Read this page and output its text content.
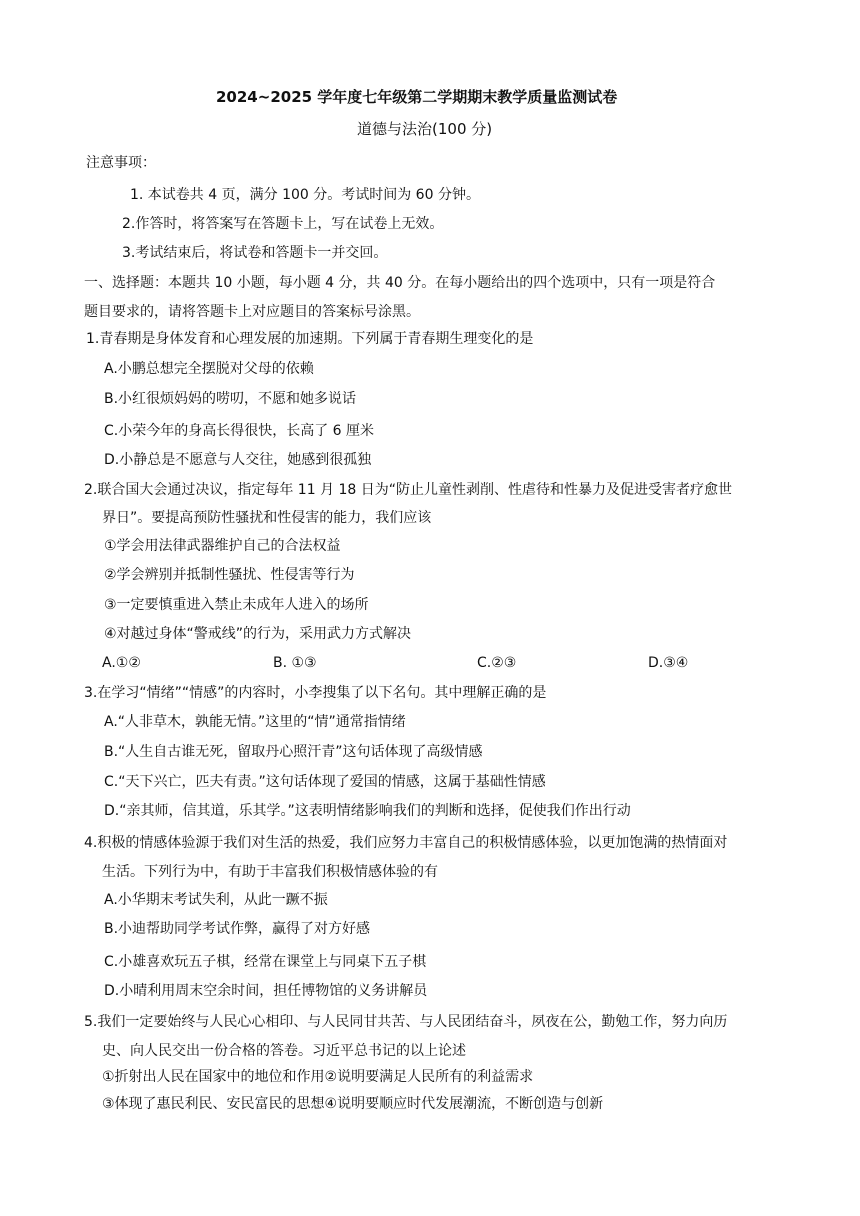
2024~2025 学年度七年级第二学期期末教学质量监测试卷
道德与法治(100 分)
注意事项：
1. 本试卷共 4 页，满分 100 分。考试时间为 60 分钟。
2.作答时，将答案写在答题卡上，写在试卷上无效。
3.考试结束后，将试卷和答题卡一并交回。
一、选择题：本题共 10 小题，每小题 4 分，共 40 分。在每小题给出的四个选项中，只有一项是符合
题目要求的，请将答题卡上对应题目的答案标号涂黑。
1.青春期是身体发育和心理发展的加速期。下列属于青春期生理变化的是
A.小鹏总想完全摆脱对父母的依赖
B.小红很烦妈妈的唠叨，不愿和她多说话
C.小荣今年的身高长得很快，长高了 6 厘米
D.小静总是不愿意与人交往，她感到很孤独
2.联合国大会通过决议，指定每年 11 月 18 日为“防止儿童性剥削、性虐待和性暴力及促进受害者疗愈世
界日”。要提高预防性骚扰和性侵害的能力，我们应该
①学会用法律武器维护自己的合法权益
②学会辨别并抵制性骚扰、性侵害等行为
③一定要慎重进入禁止未成年人进入的场所
④对越过身体“警戒线”的行为，采用武力方式解决
A.①②	B. ①③	C.②③	D.③④
3.在学习“情绪”“情感”的内容时，小李搜集了以下名句。其中理解正确的是
A.“人非草木，孰能无情。”这里的“情”通常指情绪
B.“人生自古谁无死，留取丹心照汗青”这句话体现了高级情感
C.“天下兴亡，匹夫有责。”这句话体现了爱国的情感，这属于基础性情感
D.“亲其师，信其道，乐其学。”这表明情绪影响我们的判断和选择，促使我们作出行动
4.积极的情感体验源于我们对生活的热爱，我们应努力丰富自己的积极情感体验，以更加饱满的热情面对
生活。下列行为中，有助于丰富我们积极情感体验的有
A.小华期末考试失利，从此一蹶不振
B.小迪帮助同学考试作弊，赢得了对方好感
C.小雄喜欢玩五子棋，经常在课堂上与同桌下五子棋
D.小晴利用周末空余时间，担任博物馆的义务讲解员
5.我们一定要始终与人民心心相印、与人民同甘共苦、与人民团结奋斗，夙夜在公，勤勉工作，努力向历
史、向人民交出一份合格的答卷。习近平总书记的以上论述
①折射出人民在国家中的地位和作用②说明要满足人民所有的利益需求
③体现了惠民利民、安民富民的思想④说明要顺应时代发展潮流，不断创造与创新
